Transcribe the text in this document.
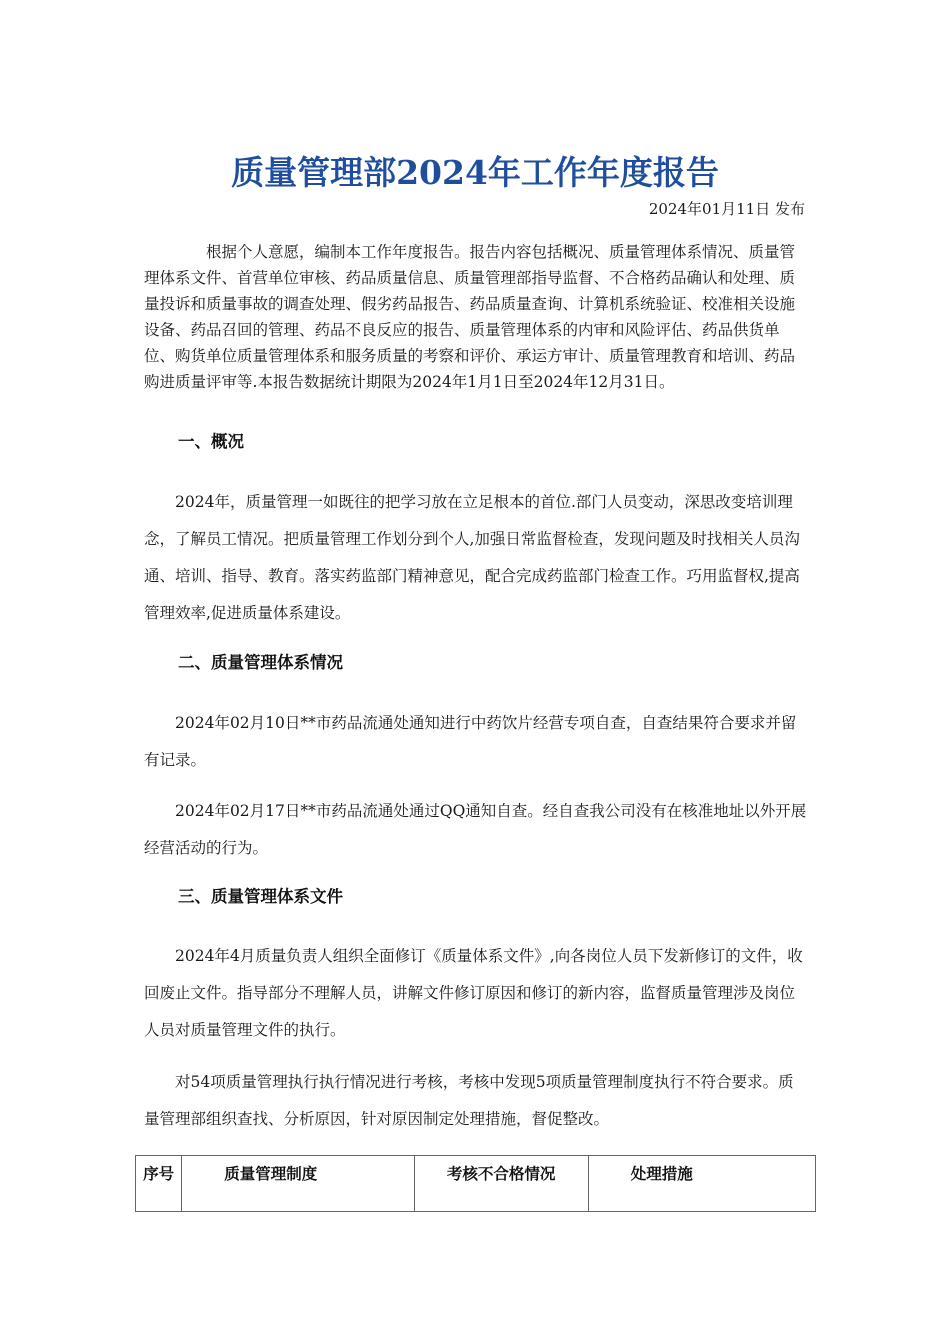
质量管理部2024年工作年度报告
2024年01月11日 发布

根据个人意愿，编制本工作年度报告。报告内容包括概况、质量管理体系情况、质量管理体系文件、首营单位审核、药品质量信息、质量管理部指导监督、不合格药品确认和处理、质量投诉和质量事故的调查处理、假劣药品报告、药品质量查询、计算机系统验证、校准相关设施设备、药品召回的管理、药品不良反应的报告、质量管理体系的内审和风险评估、药品供货单位、购货单位质量管理体系和服务质量的考察和评价、承运方审计、质量管理教育和培训、药品购进质量评审等.本报告数据统计期限为2024年1月1日至2024年12月31日。

一、概况

2024年，质量管理一如既往的把学习放在立足根本的首位.部门人员变动，深思改变培训理念，了解员工情况。把质量管理工作划分到个人,加强日常监督检查，发现问题及时找相关人员沟通、培训、指导、教育。落实药监部门精神意见，配合完成药监部门检查工作。巧用监督权,提高管理效率,促进质量体系建设。

二、质量管理体系情况

2024年02月10日**市药品流通处通知进行中药饮片经营专项自查，自查结果符合要求并留有记录。

2024年02月17日**市药品流通处通过QQ通知自查。经自查我公司没有在核准地址以外开展经营活动的行为。

三、质量管理体系文件

2024年4月质量负责人组织全面修订《质量体系文件》,向各岗位人员下发新修订的文件，收回废止文件。指导部分不理解人员，讲解文件修订原因和修订的新内容，监督质量管理涉及岗位人员对质量管理文件的执行。

对54项质量管理执行执行情况进行考核，考核中发现5项质量管理制度执行不符合要求。质量管理部组织查找、分析原因，针对原因制定处理措施，督促整改。

序号	质量管理制度	考核不合格情况	处理措施
